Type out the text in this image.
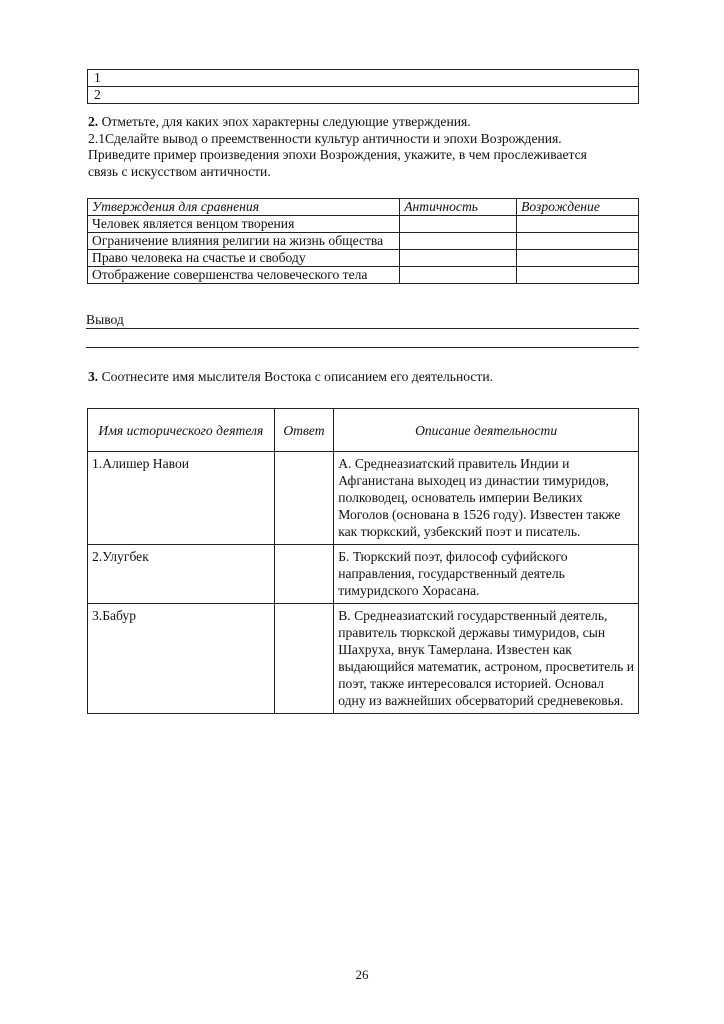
1
2

2. Отметьте, для каких эпох характерны следующие утверждения.

2.1Сделайте вывод о преемственности культур античности и эпохи Возрождения.

Приведите пример произведения эпохи Возрождения, укажите, в чем прослеживается

связь с искусством античности.

Утверждения для сравнения	Античность	Возрождение
Человек является венцом творения		
Ограничение влияния религии на жизнь общества		
Право человека на счастье и свободу		
Отображение совершенства человеческого тела		
Вывод

3. Соотнесите имя мыслителя Востока с описанием его деятельности.

Имя исторического деятеля	Ответ	Описание деятельности
1.Алишер Навои		А. Среднеазиатский правитель Индии и Афганистана выходец из династии тимуридов, полководец, основатель империи Великих Моголов (основана в 1526 году). Известен также как тюркский, узбекский поэт и писатель.
2.Улугбек		Б. Тюркский поэт, философ суфийского направления, государственный деятель тимуридского Хорасана.
3.Бабур		В. Среднеазиатский государственный деятель, правитель тюркской державы тимуридов, сын Шахруха, внук Тамерлана. Известен как выдающийся математик, астроном, просветитель и поэт, также интересовался историей. Основал одну из важнейших обсерваторий средневековья.
26
